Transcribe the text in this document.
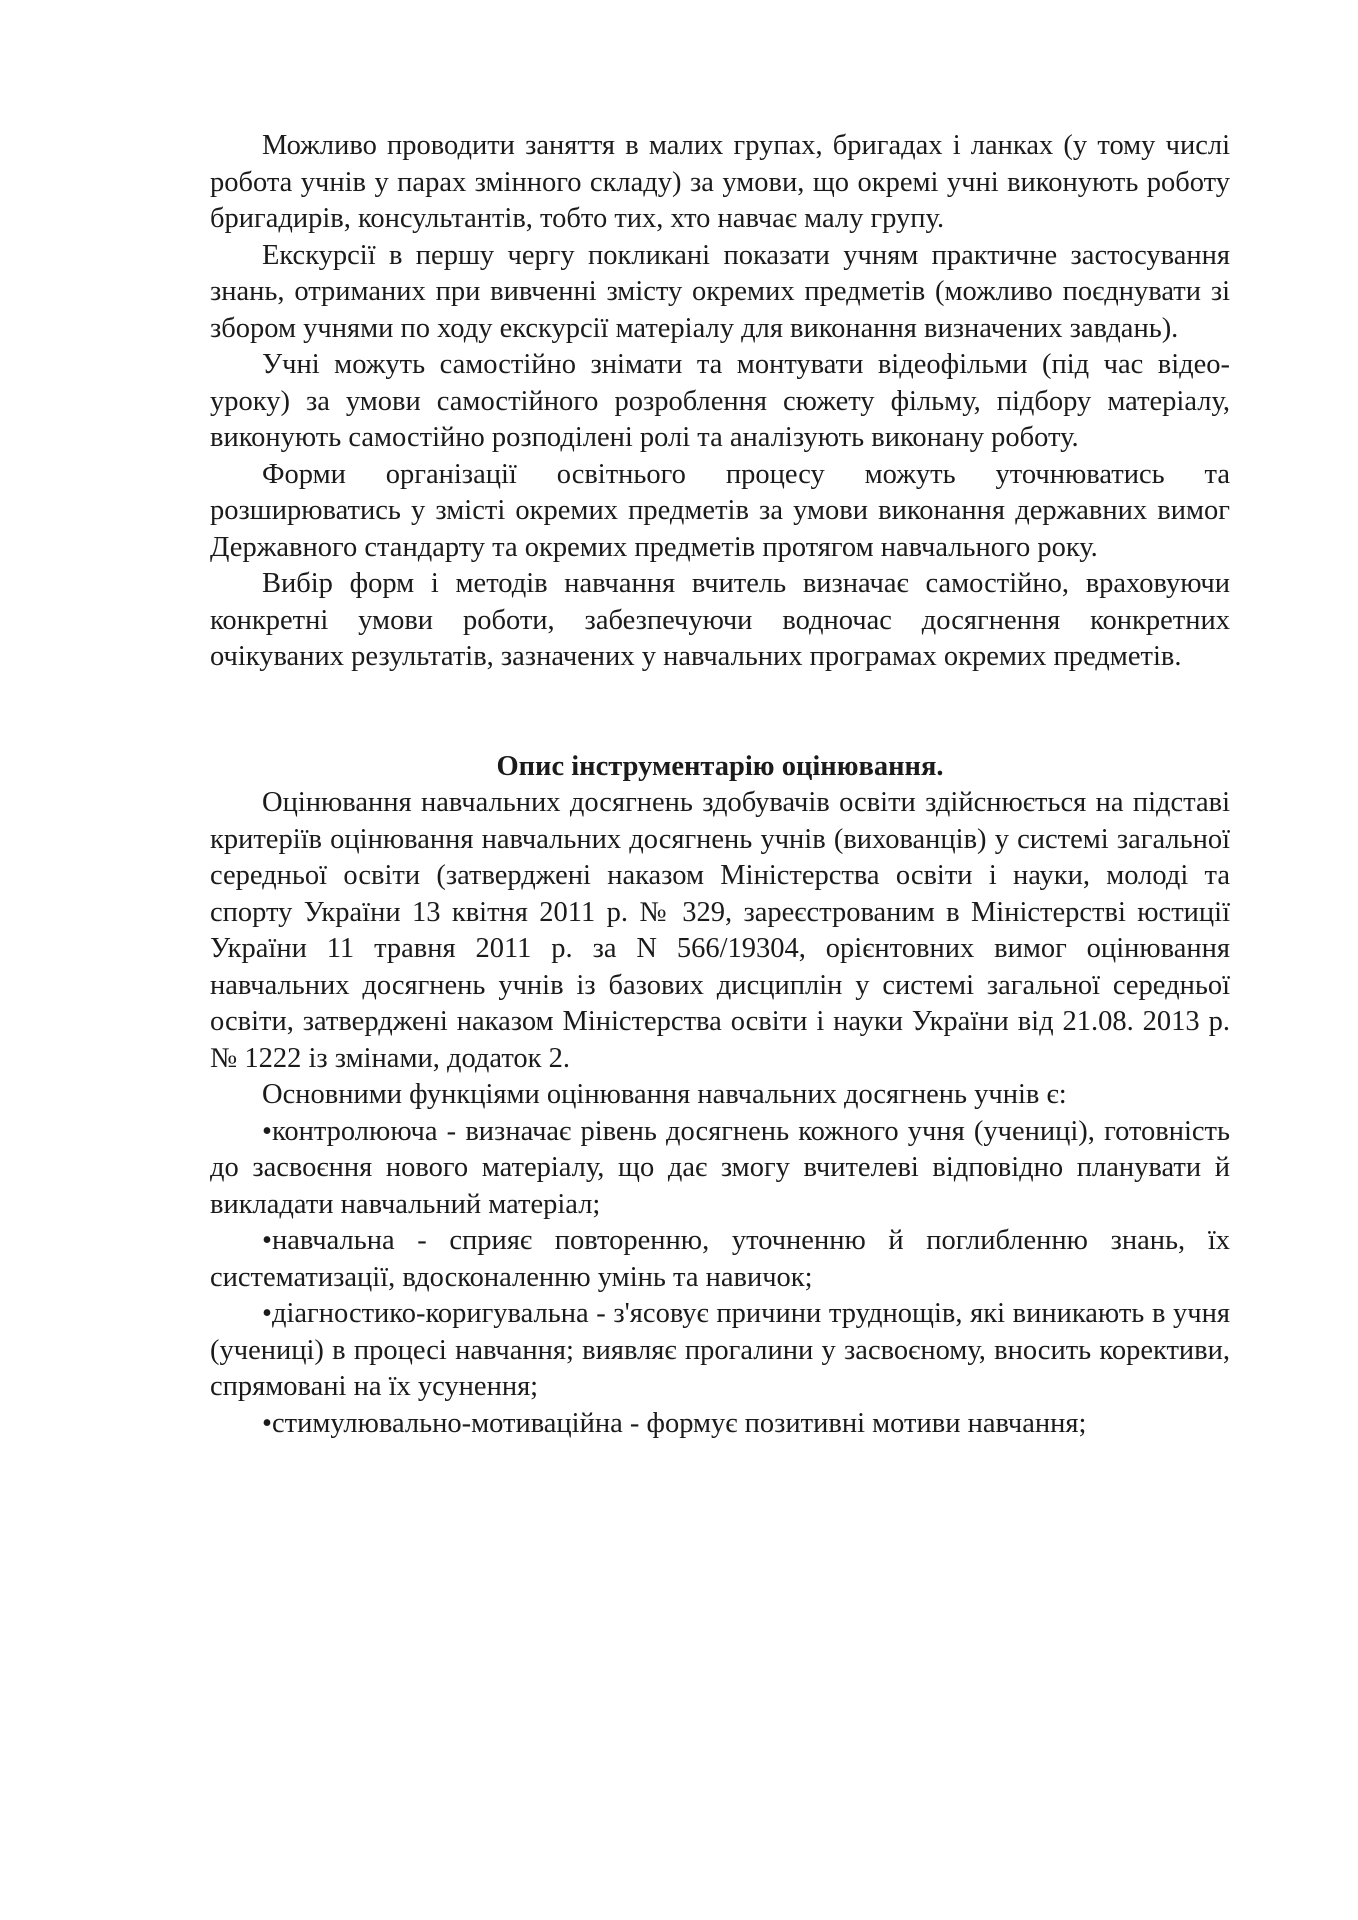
Можливо проводити заняття в малих групах, бригадах і ланках (у тому числі робота учнів у парах змінного складу) за умови, що окремі учні виконують роботу бригадирів, консультантів, тобто тих, хто навчає малу групу.

Екскурсії в першу чергу покликані показати учням практичне застосування знань, отриманих при вивченні змісту окремих предметів (можливо поєднувати зі збором учнями по ходу екскурсії матеріалу для виконання визначених завдань).

Учні можуть самостійно знімати та монтувати відеофільми (під час відео-уроку) за умови самостійного розроблення сюжету фільму, підбору матеріалу, виконують самостійно розподілені ролі та аналізують виконану роботу.

Форми організації освітнього процесу можуть уточнюватись та розширюватись у змісті окремих предметів за умови виконання державних вимог Державного стандарту та окремих предметів протягом навчального року.

Вибір форм і методів навчання вчитель визначає самостійно, враховуючи конкретні умови роботи, забезпечуючи водночас досягнення конкретних очікуваних результатів, зазначених у навчальних програмах окремих предметів.

Опис інструментарію оцінювання.

Оцінювання навчальних досягнень здобувачів освіти здійснюється на підставі критеріїв оцінювання навчальних досягнень учнів (вихованців) у системі загальної середньої освіти (затверджені наказом Міністерства освіти і науки, молоді та спорту України 13 квітня 2011 р. № 329, зареєстрованим в Міністерстві юстиції України 11 травня 2011 р. за N 566/19304, орієнтовних вимог оцінювання навчальних досягнень учнів із базових дисциплін у системі загальної середньої освіти, затверджені наказом Міністерства освіти і науки України від 21.08. 2013 р. № 1222 із змінами, додаток 2.

Основними функціями оцінювання навчальних досягнень учнів є:

•контролююча - визначає рівень досягнень кожного учня (учениці), готовність до засвоєння нового матеріалу, що дає змогу вчителеві відповідно планувати й викладати навчальний матеріал;

•навчальна - сприяє повторенню, уточненню й поглибленню знань, їх систематизації, вдосконаленню умінь та навичок;

•діагностико-коригувальна - з'ясовує причини труднощів, які виникають в учня (учениці) в процесі навчання; виявляє прогалини у засвоєному, вносить корективи, спрямовані на їх усунення;

•стимулювально-мотиваційна - формує позитивні мотиви навчання;
